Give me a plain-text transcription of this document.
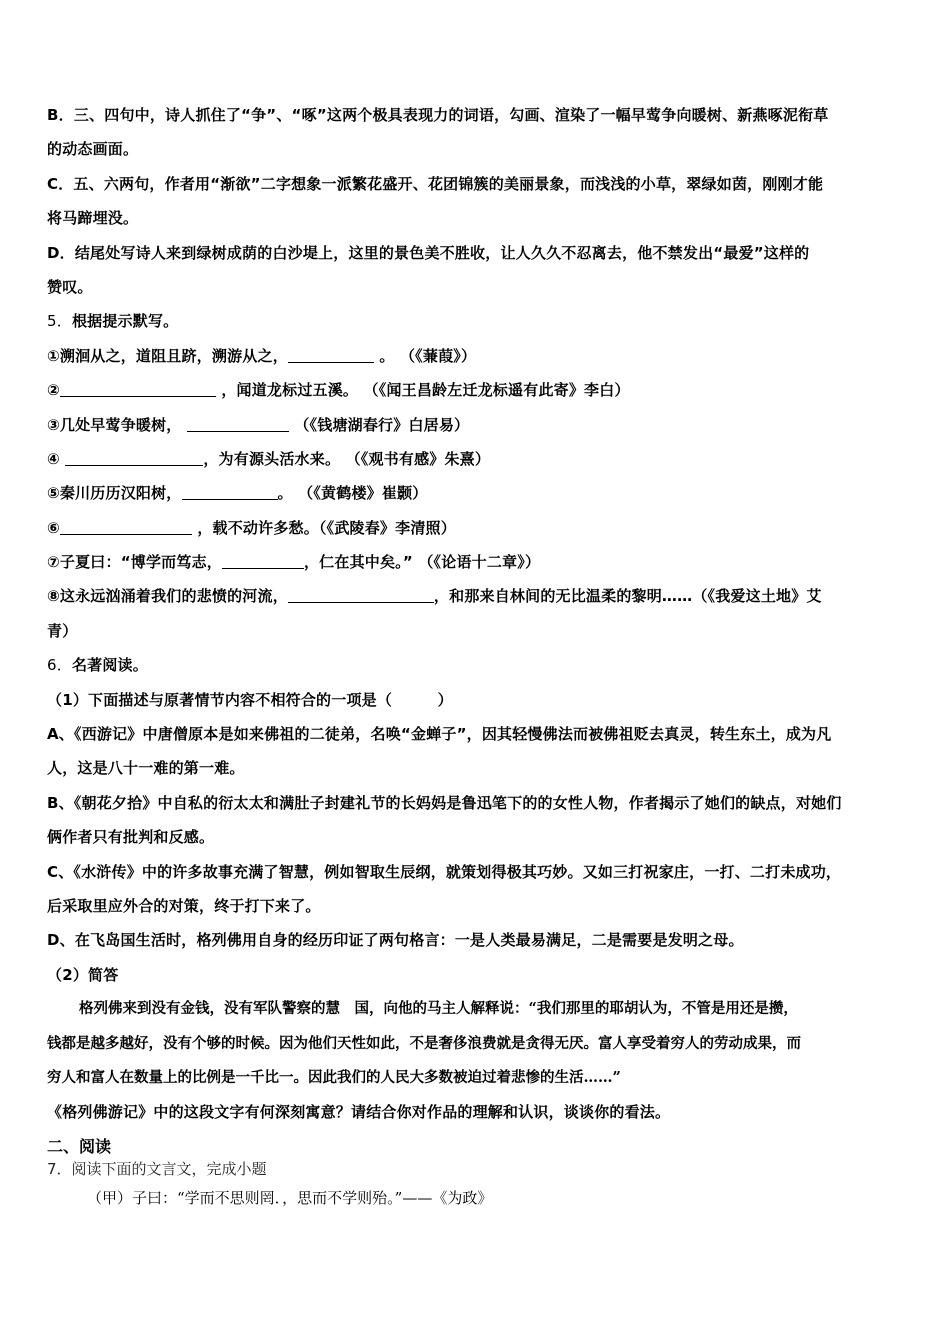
B．三、四句中，诗人抓住了“争”、“啄”这两个极具表现力的词语，勾画、渲染了一幅早莺争向暖树、新燕啄泥衔草
的动态画面。
C．五、六两句，作者用“渐欲”二字想象一派繁花盛开、花团锦簇的美丽景象，而浅浅的小草，翠绿如茵，刚刚才能
将马蹄埋没。
D．结尾处写诗人来到绿树成荫的白沙堤上，这里的景色美不胜收，让人久久不忍离去，他不禁发出“最爱”这样的
赞叹。
5．根据提示默写。
①溯洄从之，道阻且跻，溯游从之，	。 （《蒹葭》）
②	，闻道龙标过五溪。 （《闻王昌龄左迁龙标遥有此寄》李白）
③几处早莺争暖树，	（《钱塘湖春行》白居易）
④	，为有源头活水来。 （《观书有感》朱熹）
⑤秦川历历汉阳树，	。 （《黄鹤楼》崔颢）
⑥	，载不动许多愁。（《武陵春》李清照）
⑦子夏曰：“博学而笃志，	，仁在其中矣。” （《论语十二章》）
⑧这永远汹涌着我们的悲愤的河流，	，和那来自林间的无比温柔的黎明……（《我爱这土地》艾
青）
6．名著阅读。
（1）下面描述与原著情节内容不相符合的一项是（　　　）
A、《西游记》中唐僧原本是如来佛祖的二徒弟，名唤“金蝉子”，因其轻慢佛法而被佛祖贬去真灵，转生东土，成为凡
人，这是八十一难的第一难。
B、《朝花夕拾》中自私的衍太太和满肚子封建礼节的长妈妈是鲁迅笔下的的女性人物，作者揭示了她们的缺点，对她们
俩作者只有批判和反感。
C、《水浒传》中的许多故事充满了智慧，例如智取生辰纲，就策划得极其巧妙。又如三打祝家庄，一打、二打未成功，
后采取里应外合的对策，终于打下来了。
D、在飞岛国生活时，格列佛用自身的经历印证了两句格言：一是人类最易满足，二是需要是发明之母。
（2）简答
格列佛来到没有金钱，没有军队警察的慧　国，向他的马主人解释说：“我们那里的耶胡认为，不管是用还是攒，
钱都是越多越好，没有个够的时候。因为他们天性如此，不是奢侈浪费就是贪得无厌。富人享受着穷人的劳动成果，而
穷人和富人在数量上的比例是一千比一。因此我们的人民大多数被迫过着悲惨的生活……”
《格列佛游记》中的这段文字有何深刻寓意？请结合你对作品的理解和认识，谈谈你的看法。
二、阅读
7．阅读下面的文言文，完成小题
（甲）子曰：“学而不思则罔．，思而不学则殆。”——《为政》
